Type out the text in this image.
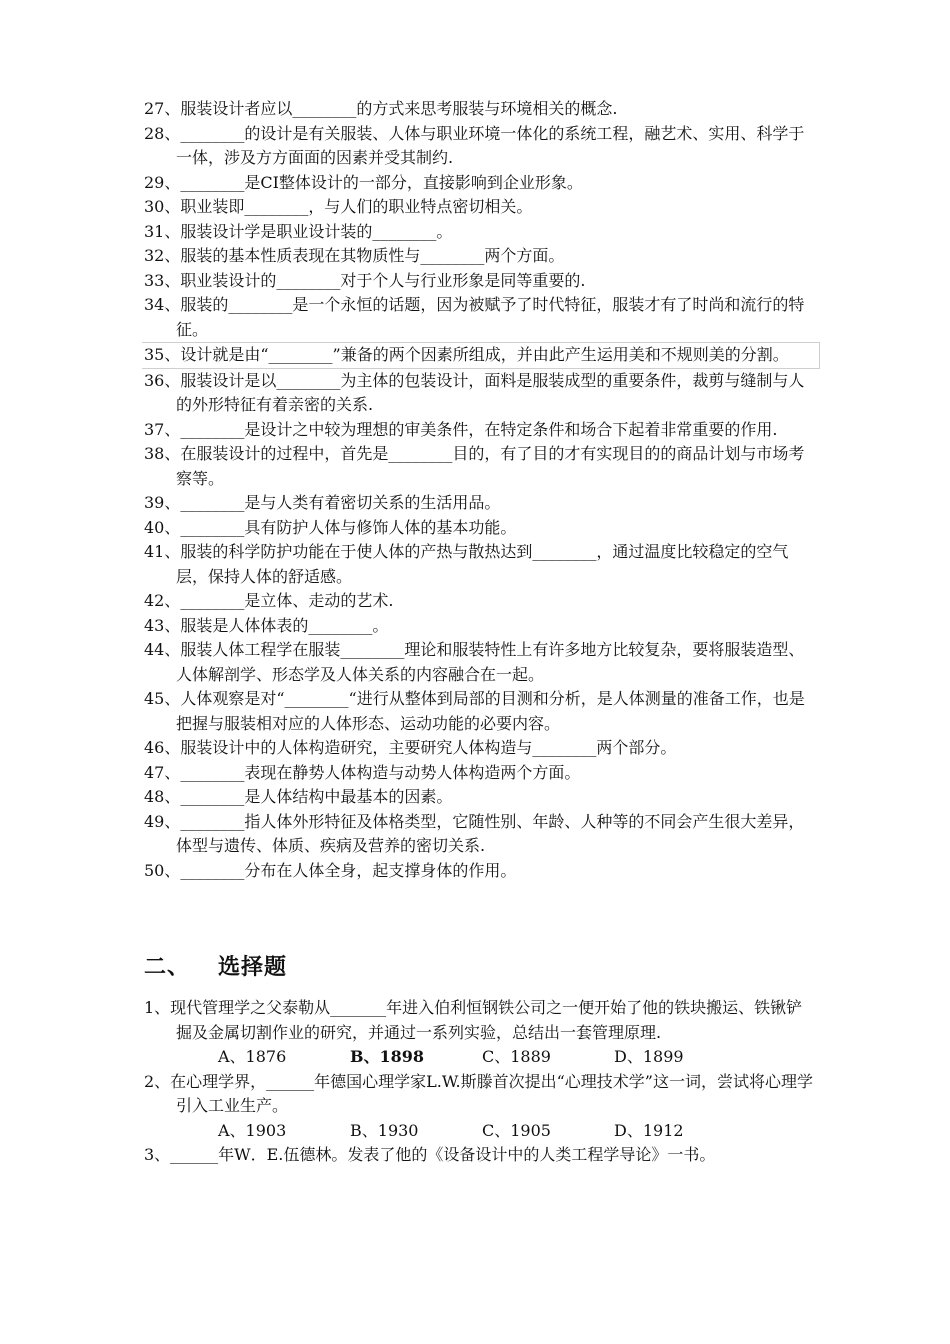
27、服装设计者应以________的方式来思考服装与环境相关的概念.

28、________的设计是有关服装、人体与职业环境一体化的系统工程，融艺术、实用、科学于一体，涉及方方面面的因素并受其制约.

29、________是CI整体设计的一部分，直接影响到企业形象。

30、职业装即________，与人们的职业特点密切相关。

31、服装设计学是职业设计装的________。

32、服装的基本性质表现在其物质性与________两个方面。

33、职业装设计的________对于个人与行业形象是同等重要的.

34、服装的________是一个永恒的话题，因为被赋予了时代特征，服装才有了时尚和流行的特征。

35、设计就是由“________”兼备的两个因素所组成，并由此产生运用美和不规则美的分割。

36、服装设计是以________为主体的包装设计，面料是服装成型的重要条件，裁剪与缝制与人的外形特征有着亲密的关系.

37、________是设计之中较为理想的审美条件，在特定条件和场合下起着非常重要的作用.

38、在服装设计的过程中，首先是________目的，有了目的才有实现目的的商品计划与市场考察等。

39、________是与人类有着密切关系的生活用品。

40、________具有防护人体与修饰人体的基本功能。

41、服装的科学防护功能在于使人体的产热与散热达到________，通过温度比较稳定的空气层，保持人体的舒适感。

42、________是立体、走动的艺术.

43、服装是人体体表的________。

44、服装人体工程学在服装________理论和服装特性上有许多地方比较复杂，要将服装造型、人体解剖学、形态学及人体关系的内容融合在一起。

45、人体观察是对“________“进行从整体到局部的目测和分析，是人体测量的准备工作，也是把握与服装相对应的人体形态、运动功能的必要内容。

46、服装设计中的人体构造研究，主要研究人体构造与________两个部分。

47、________表现在静势人体构造与动势人体构造两个方面。

48、________是人体结构中最基本的因素。

49、________指人体外形特征及体格类型，它随性别、年龄、人种等的不同会产生很大差异，体型与遗传、体质、疾病及营养的密切关系.

50、________分布在人体全身，起支撑身体的作用。

二、 选择题

1、现代管理学之父泰勒从_______年进入伯利恒钢铁公司之一便开始了他的铁块搬运、铁锹铲掘及金属切割作业的研究，并通过一系列实验，总结出一套管理原理.

A、1876	B、1898	C、1889	D、1899

2、在心理学界，______年德国心理学家L.W.斯滕首次提出“心理技术学”这一词，尝试将心理学引入工业生产。

A、1903	B、1930	C、1905	D、1912

3、______年W．E.伍德林。发表了他的《设备设计中的人类工程学导论》一书。
